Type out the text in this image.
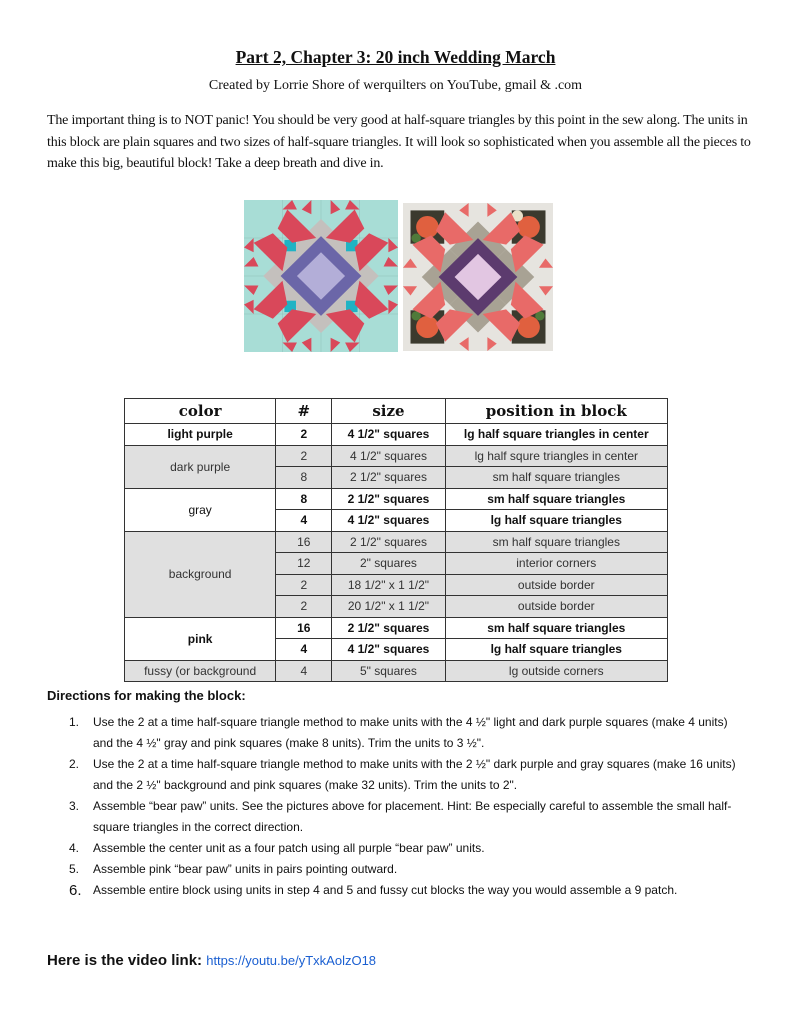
Part 2, Chapter 3: 20 inch Wedding March
Created by Lorrie Shore of werquilters on YouTube, gmail & .com
The important thing is to NOT panic! You should be very good at half-square triangles by this point in the sew along. The units in this block are plain squares and two sizes of half-square triangles. It will look so sophisticated when you assemble all the pieces to make this big, beautiful block! Take a deep breath and dive in.
color	#	size	position in block
light purple	2	4 1/2" squares	lg half square triangles in center
dark purple	2	4 1/2" squares	lg half squre triangles in center
	8	2 1/2" squares	sm half square triangles
gray	8	2 1/2" squares	sm half square triangles
	4	4 1/2" squares	lg half square triangles
background	16	2 1/2" squares	sm half square triangles
	12	2" squares	interior corners
	2	18 1/2" x 1 1/2"	outside border
	2	20 1/2" x 1 1/2"	outside border
pink	16	2 1/2" squares	sm half square triangles
	4	4 1/2" squares	lg half square triangles
fussy (or background	4	5" squares	lg outside corners
Directions for making the block:
1. Use the 2 at a time half-square triangle method to make units with the 4 ½" light and dark purple squares (make 4 units) and the 4 ½" gray and pink squares (make 8 units). Trim the units to 3 ½".
2. Use the 2 at a time half-square triangle method to make units with the 2 ½" dark purple and gray squares (make 16 units) and the 2 ½" background and pink squares (make 32 units). Trim the units to 2".
3. Assemble “bear paw” units. See the pictures above for placement. Hint: Be especially careful to assemble the small half-square triangles in the correct direction.
4. Assemble the center unit as a four patch using all purple “bear paw” units.
5. Assemble pink “bear paw” units in pairs pointing outward.
6. Assemble entire block using units in step 4 and 5 and fussy cut blocks the way you would assemble a 9 patch.
Here is the video link: https://youtu.be/yTxkAolzO18
